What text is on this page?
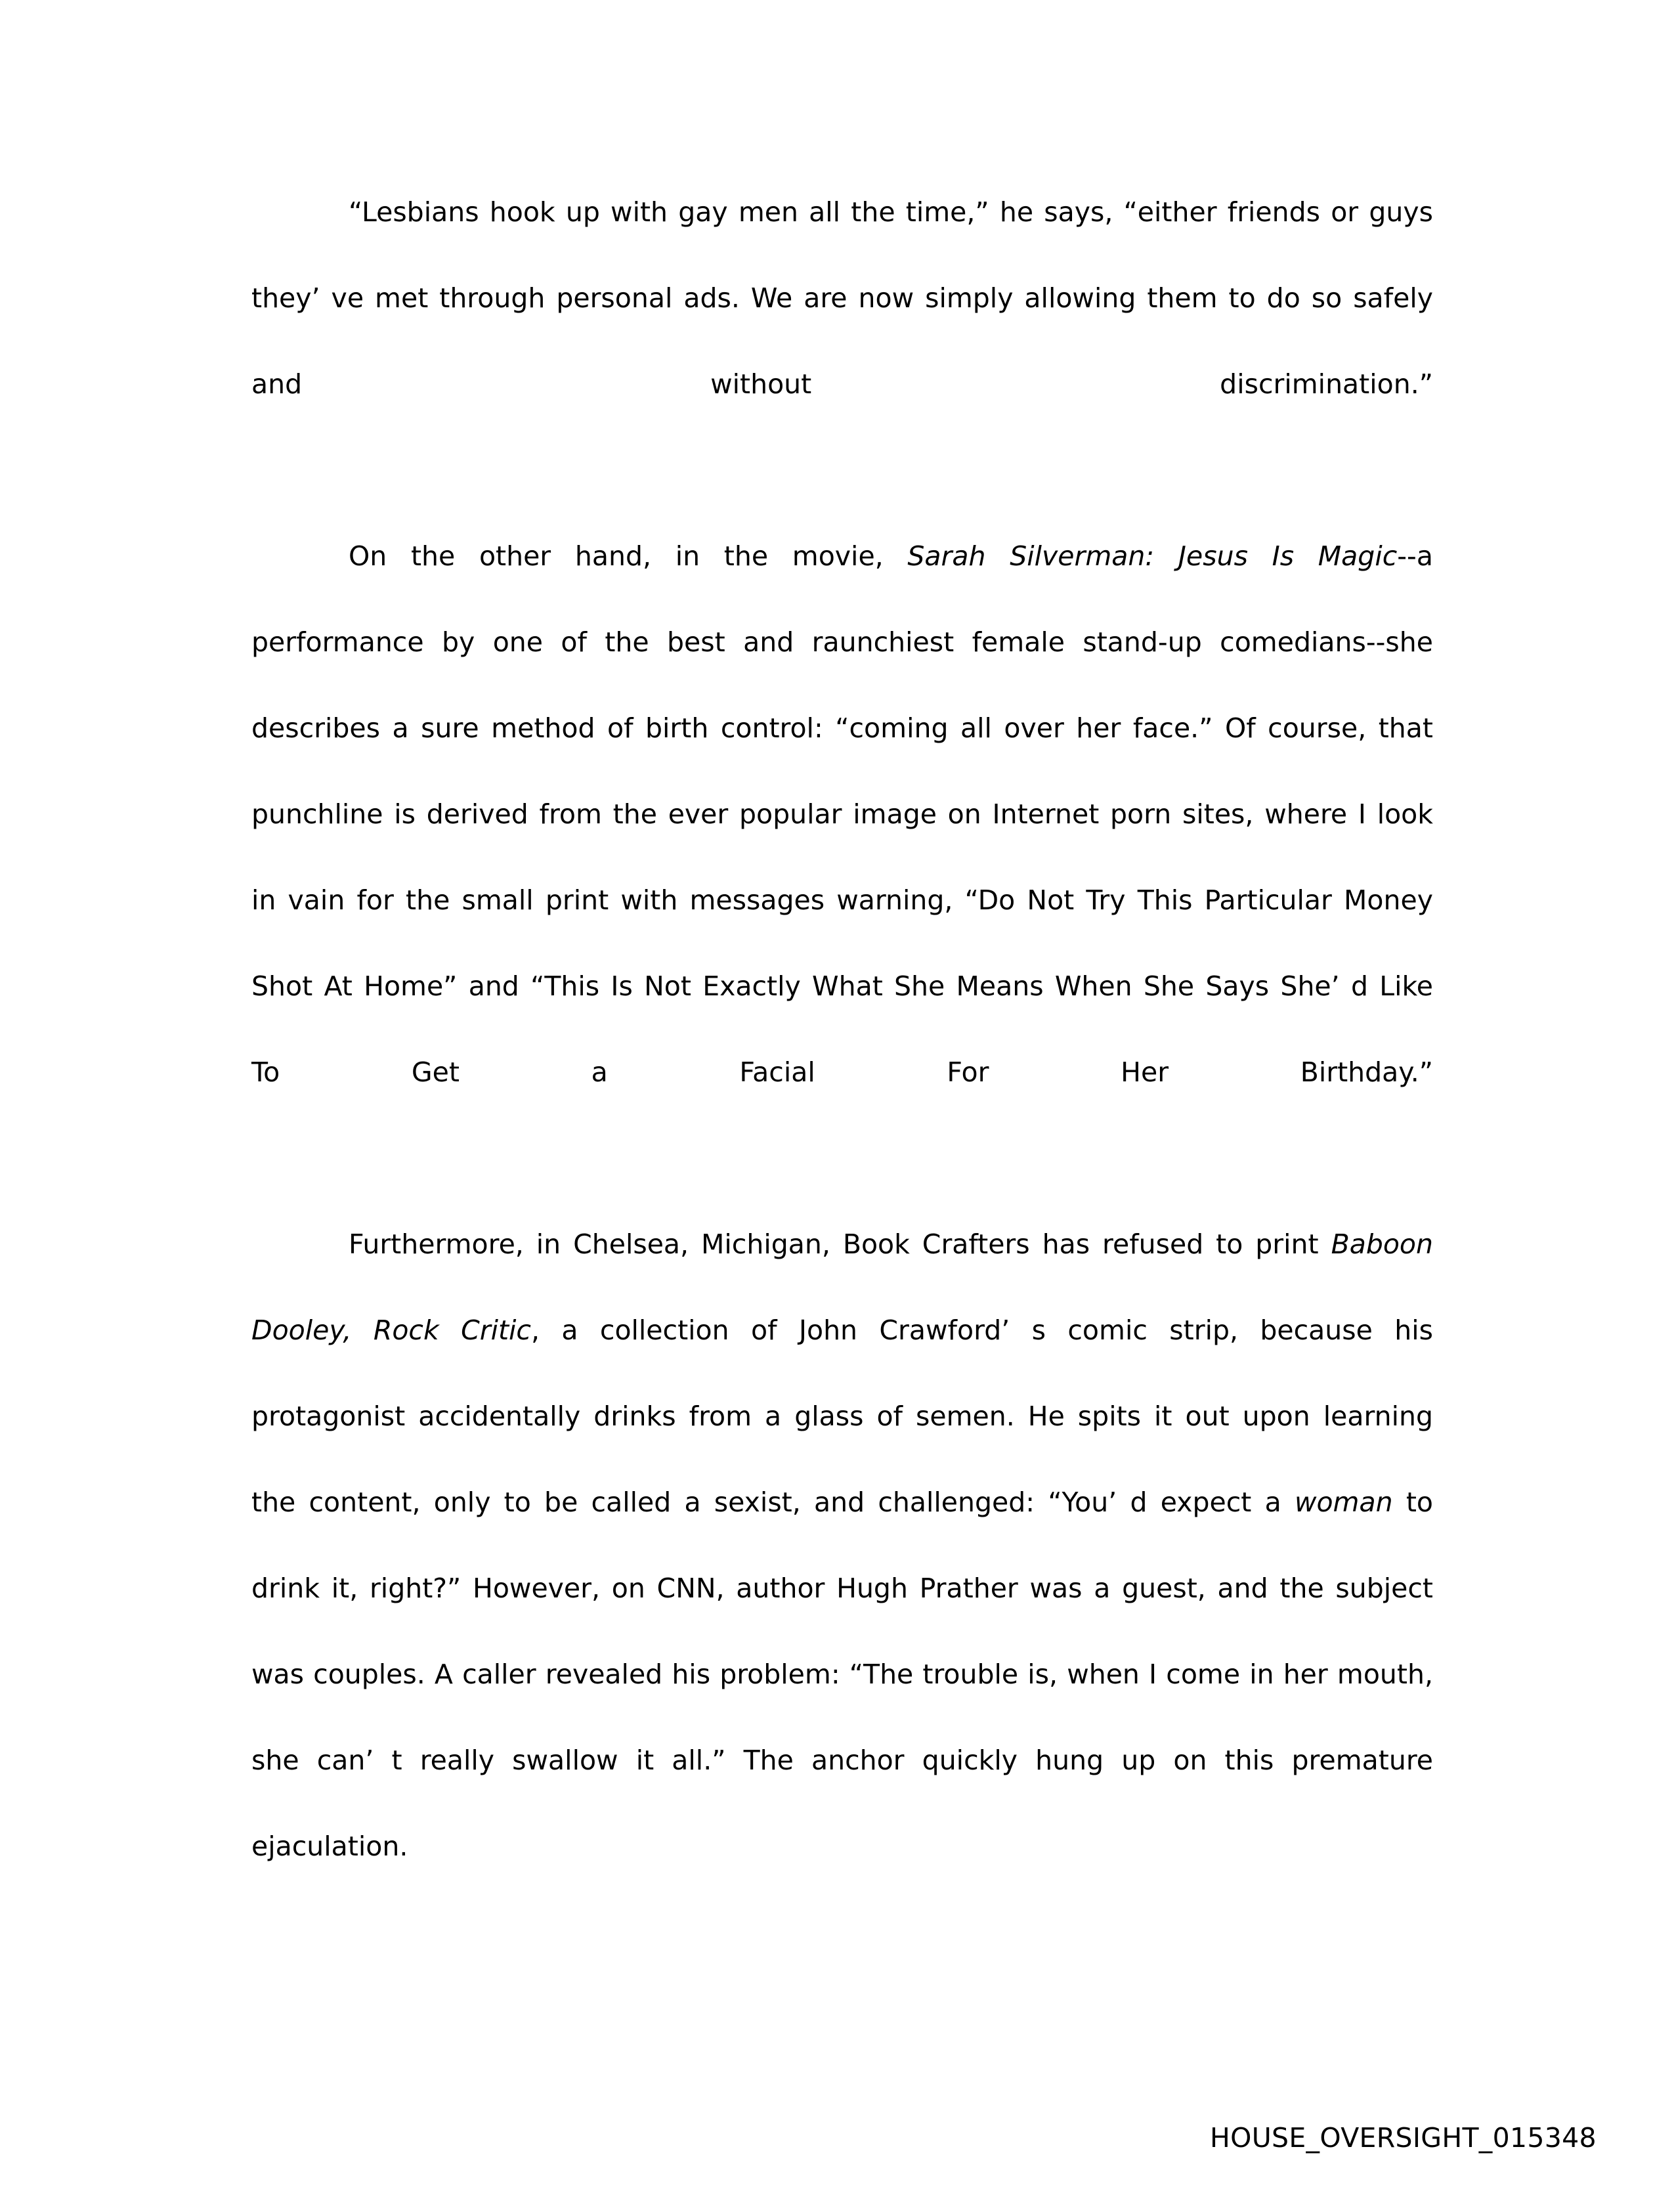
“Lesbians hook up with gay men all the time,” he says, “either friends or guys they’ ve met through personal ads. We are now simply allowing them to do so safely and without discrimination.”

On the other hand, in the movie, Sarah Silverman: Jesus Is Magic--a performance by one of the best and raunchiest female stand-up comedians--she describes a sure method of birth control: “coming all over her face.” Of course, that punchline is derived from the ever popular image on Internet porn sites, where I look in vain for the small print with messages warning, “Do Not Try This Particular Money Shot At Home” and “This Is Not Exactly What She Means When She Says She’ d Like To Get a Facial For Her Birthday.”

Furthermore, in Chelsea, Michigan, Book Crafters has refused to print Baboon Dooley, Rock Critic, a collection of John Crawford’ s comic strip, because his protagonist accidentally drinks from a glass of semen. He spits it out upon learning the content, only to be called a sexist, and challenged: “You’ d expect a woman to drink it, right?” However, on CNN, author Hugh Prather was a guest, and the subject was couples. A caller revealed his problem: “The trouble is, when I come in her mouth, she can’ t really swallow it all.” The anchor quickly hung up on this premature ejaculation.

HOUSE_OVERSIGHT_015348
